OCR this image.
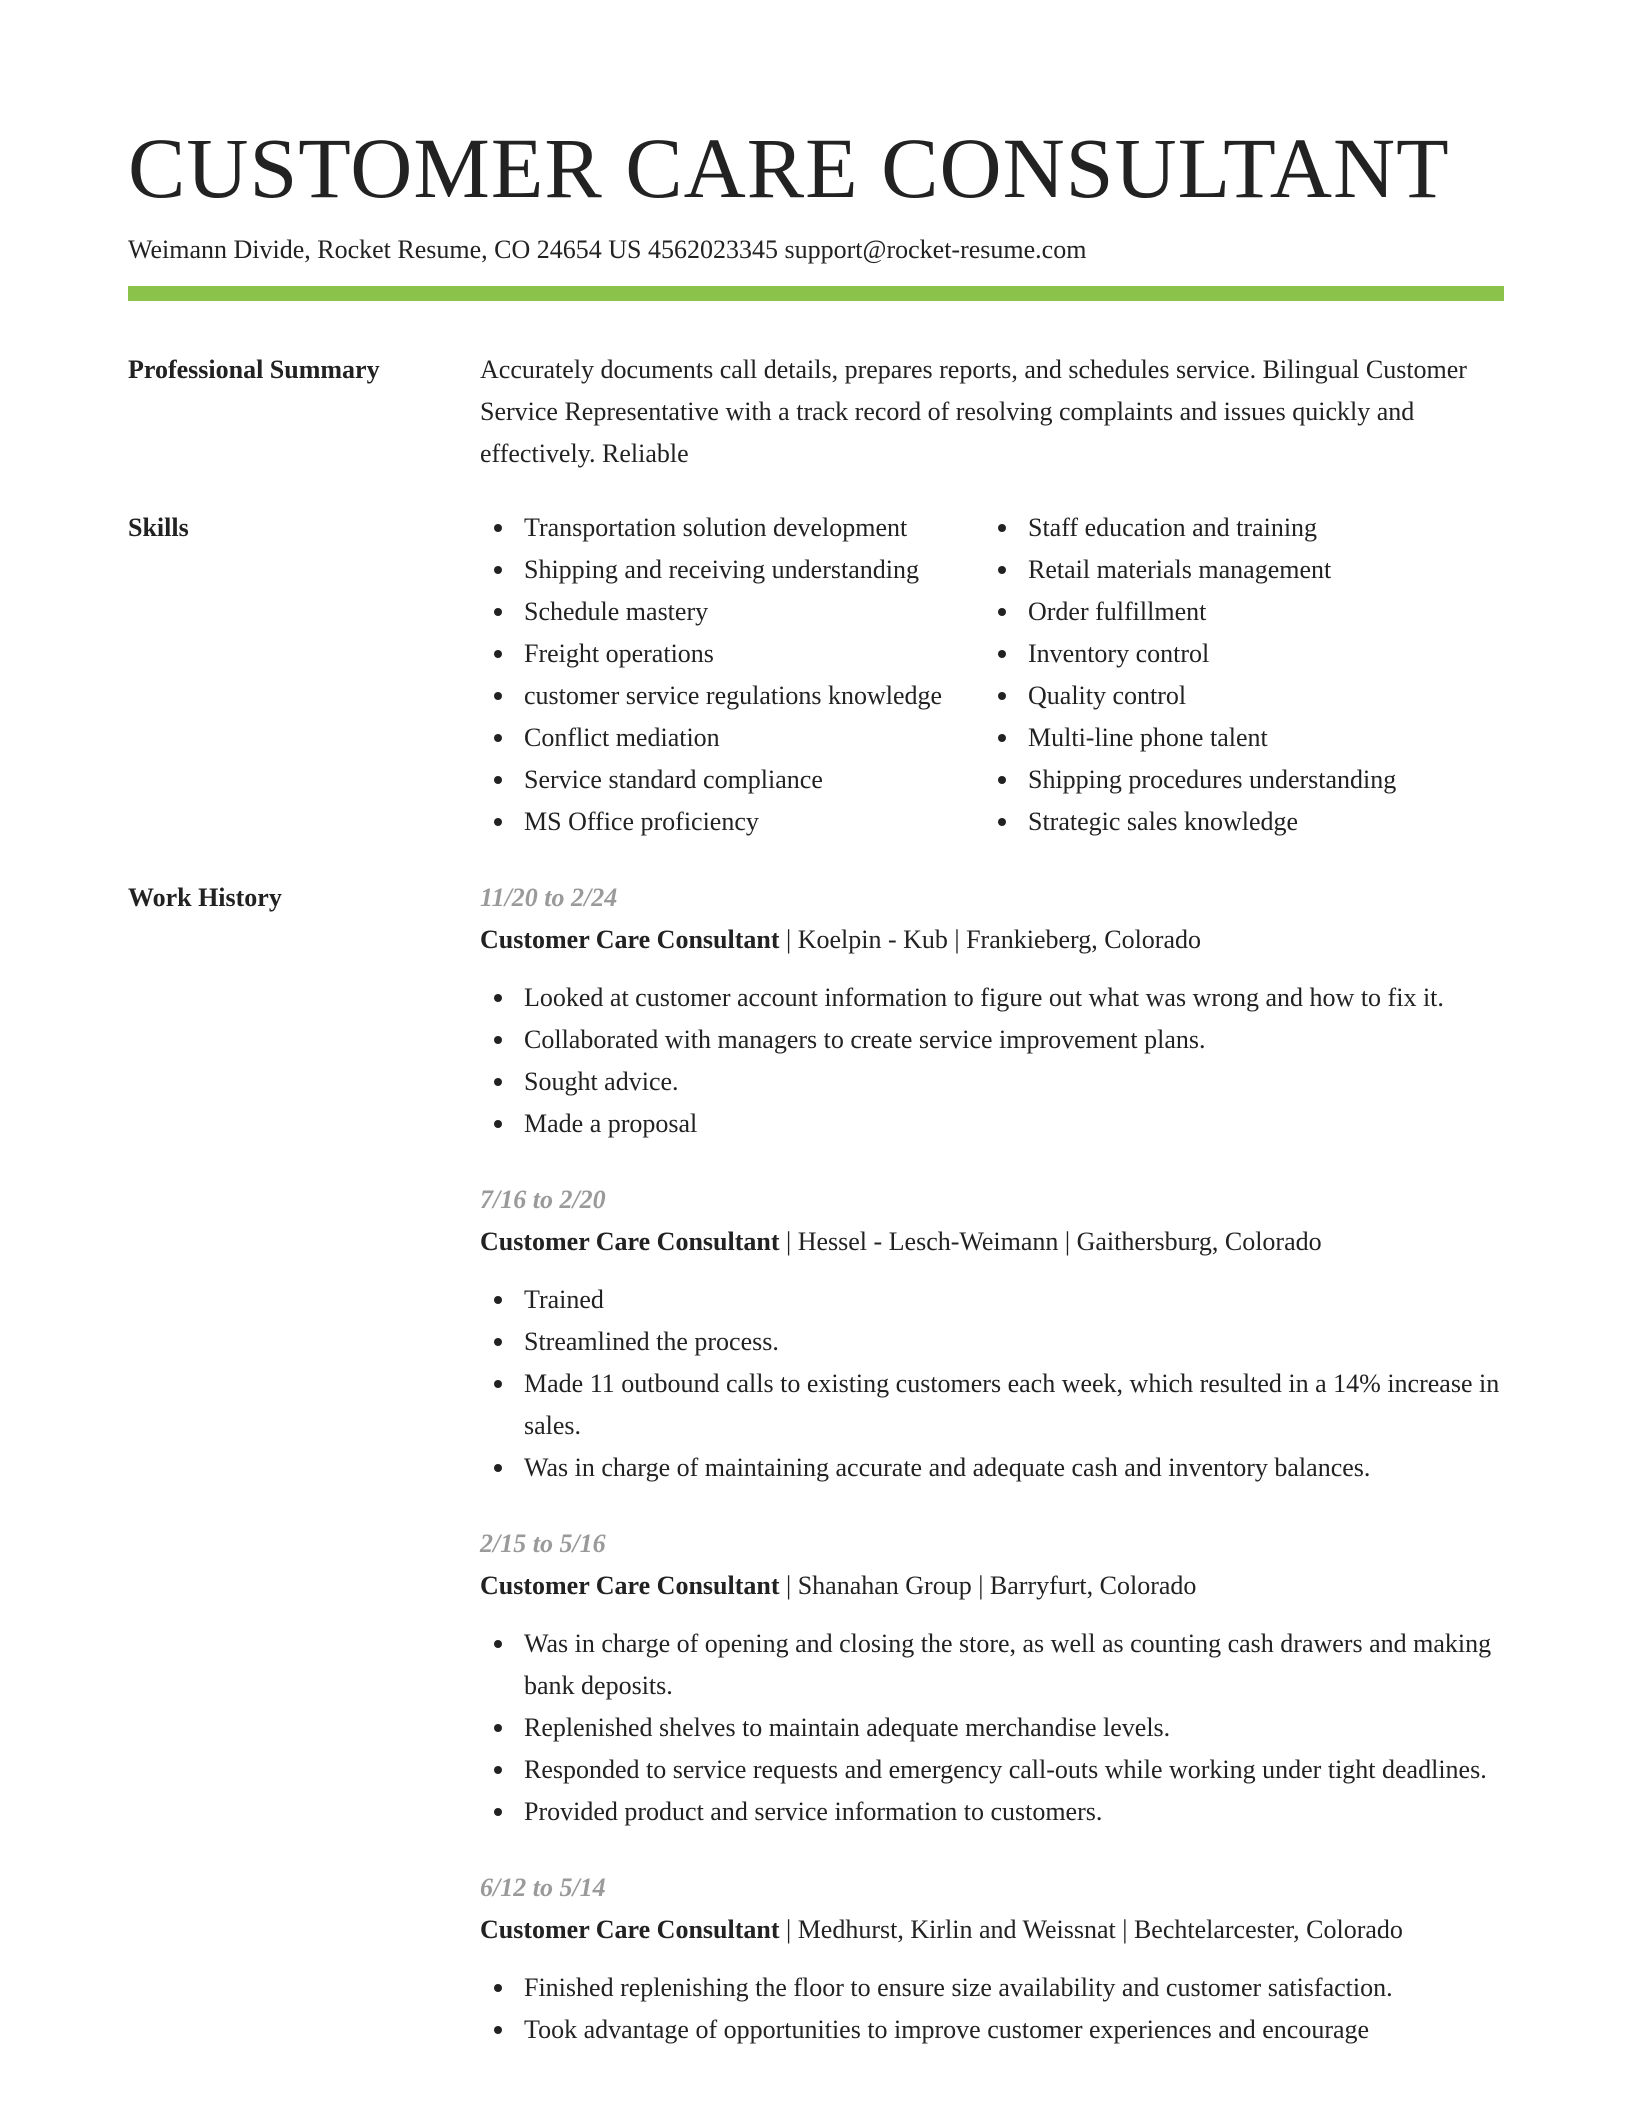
CUSTOMER CARE CONSULTANT
Weimann Divide, Rocket Resume, CO 24654 US 4562023345 support@rocket-resume.com
Professional Summary	Accurately documents call details, prepares reports, and schedules service. Bilingual Customer Service Representative with a track record of resolving complaints and issues quickly and effectively. Reliable

Skills	Transportation solution development
Shipping and receiving understanding
Schedule mastery
Freight operations
customer service regulations knowledge
Conflict mediation
Service standard compliance
MS Office proficiency
Staff education and training
Retail materials management
Order fulfillment
Inventory control
Quality control
Multi-line phone talent
Shipping procedures understanding
Strategic sales knowledge
Work History	11/20 to 2/24
Customer Care Consultant | Koelpin - Kub | Frankieberg, Colorado
Looked at customer account information to figure out what was wrong and how to fix it.
Collaborated with managers to create service improvement plans.
Sought advice.
Made a proposal
7/16 to 2/20
Customer Care Consultant | Hessel - Lesch-Weimann | Gaithersburg, Colorado
Trained
Streamlined the process.
Made 11 outbound calls to existing customers each week, which resulted in a 14% increase in sales.
Was in charge of maintaining accurate and adequate cash and inventory balances.
2/15 to 5/16
Customer Care Consultant | Shanahan Group | Barryfurt, Colorado
Was in charge of opening and closing the store, as well as counting cash drawers and making bank deposits.
Replenished shelves to maintain adequate merchandise levels.
Responded to service requests and emergency call-outs while working under tight deadlines.
Provided product and service information to customers.
6/12 to 5/14
Customer Care Consultant | Medhurst, Kirlin and Weissnat | Bechtelarcester, Colorado
Finished replenishing the floor to ensure size availability and customer satisfaction.
Took advantage of opportunities to improve customer experiences and encourage
